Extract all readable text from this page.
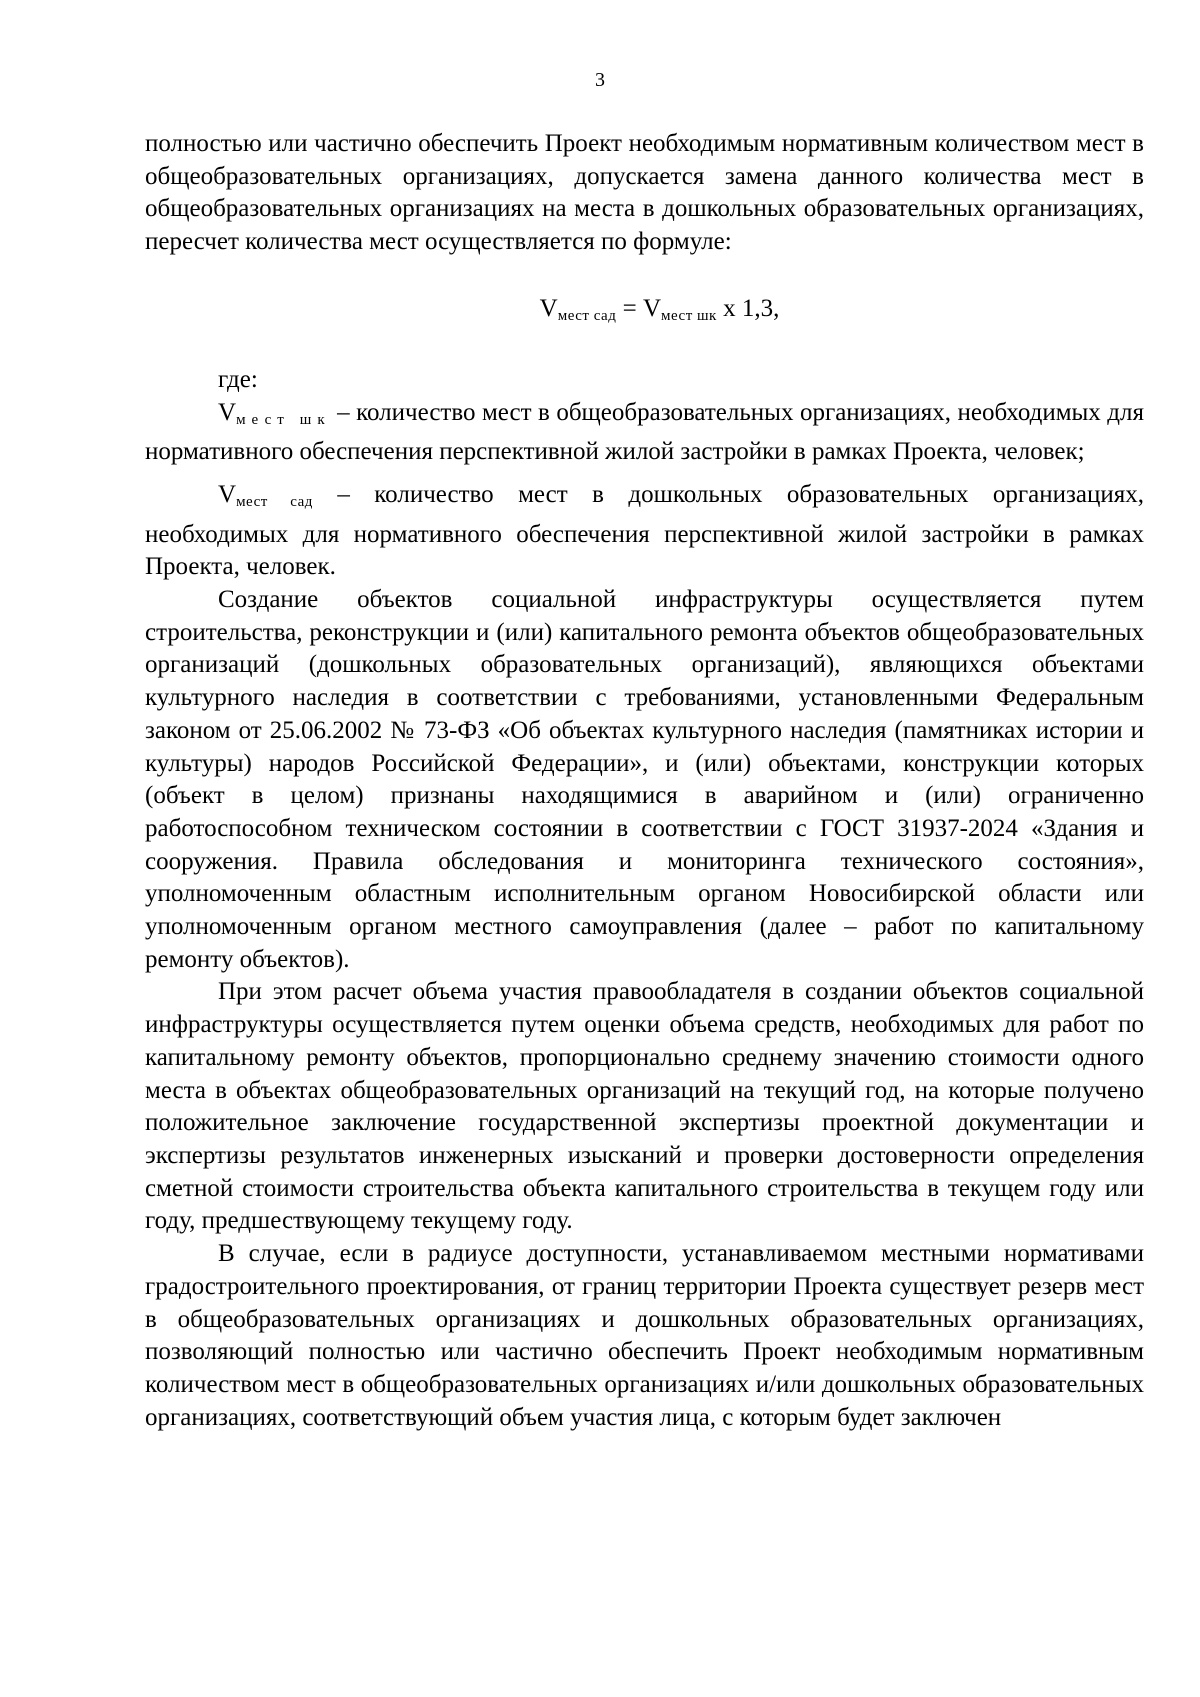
3

полностью или частично обеспечить Проект необходимым нормативным количеством мест в общеобразовательных организациях, допускается замена данного количества мест в общеобразовательных организациях на места в дошкольных образовательных организациях, пересчет количества мест осуществляется по формуле:

$V_{мест сад} = V_{мест шк}$ х 1,3,

где:

Vмест шк – количество мест в общеобразовательных организациях, необходимых для нормативного обеспечения перспективной жилой застройки в рамках Проекта, человек;

$V_{мест сад}$ – количество мест в дошкольных образовательных организациях, необходимых для нормативного обеспечения перспективной жилой застройки в рамках Проекта, человек.

Создание объектов социальной инфраструктуры осуществляется путем строительства, реконструкции и (или) капитального ремонта объектов общеобразовательных организаций (дошкольных образовательных организаций), являющихся объектами культурного наследия в соответствии с требованиями, установленными Федеральным законом от 25.06.2002 № 73-ФЗ «Об объектах культурного наследия (памятниках истории и культуры) народов Российской Федерации», и (или) объектами, конструкции которых (объект в целом) признаны находящимися в аварийном и (или) ограниченно работоспособном техническом состоянии в соответствии с ГОСТ 31937-2024 «Здания и сооружения. Правила обследования и мониторинга технического состояния», уполномоченным областным исполнительным органом Новосибирской области или уполномоченным органом местного самоуправления (далее – работ по капитальному ремонту объектов).

При этом расчет объема участия правообладателя в создании объектов социальной инфраструктуры осуществляется путем оценки объема средств, необходимых для работ по капитальному ремонту объектов, пропорционально среднему значению стоимости одного места в объектах общеобразовательных организаций на текущий год, на которые получено положительное заключение государственной экспертизы проектной документации и экспертизы результатов инженерных изысканий и проверки достоверности определения сметной стоимости строительства объекта капитального строительства в текущем году или году, предшествующему текущему году.

В случае, если в радиусе доступности, устанавливаемом местными нормативами градостроительного проектирования, от границ территории Проекта существует резерв мест в общеобразовательных организациях и дошкольных образовательных организациях, позволяющий полностью или частично обеспечить Проект необходимым нормативным количеством мест в общеобразовательных организациях и/или дошкольных образовательных организациях, соответствующий объем участия лица, с которым будет заключен
